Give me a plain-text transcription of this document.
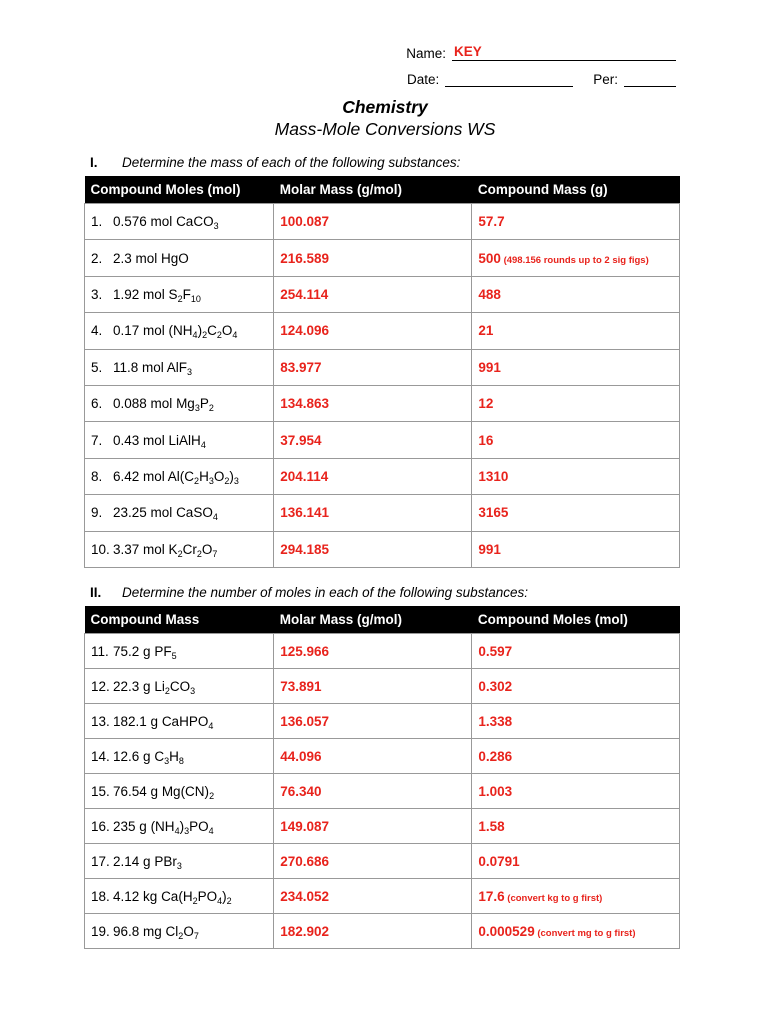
Name: KEY
Date:	Per:
Chemistry
Mass-Mole Conversions WS
I. Determine the mass of each of the following substances:
Compound Moles (mol)	Molar Mass (g/mol)	Compound Mass (g)
1. 0.576 mol CaCO$_3$	100.087	57.7
2. 2.3 mol HgO	216.589	500 (498.156 rounds up to 2 sig figs)
3. 1.92 mol $S_2F_{10}$	254.114	488
4. 0.17 mol $(NH_4)_2C_2O_4$	124.096	21
5. 11.8 mol AlF$_3$	83.977	991
6. 0.088 mol $Mg_3P_2$	134.863	12
7. 0.43 mol LiAlH$_4$	37.954	16
8. 6.42 mol $Al(C_2H_3O_2)_3$	204.114	1310
9. 23.25 mol CaSO$_4$	136.141	3165
10. 3.37 mol $K_2Cr_2O_7$	294.185	991
II. Determine the number of moles in each of the following substances:
Compound Mass	Molar Mass (g/mol)	Compound Moles (mol)
11. 75.2 g $PF_5$	125.966	0.597
12. 22.3 g $Li_2CO_3$	73.891	0.302
13. 182.1 g CaHPO$_4$	136.057	1.338
14. 12.6 g $C_3H_8$	44.096	0.286
15. 76.54 g $Mg(CN)_2$	76.340	1.003
16. 235 g $(NH_4)_3PO_4$	149.087	1.58
17. 2.14 g PBr$_3$	270.686	0.0791
18. 4.12 kg $Ca(H_2PO_4)_2$	234.052	17.6 (convert kg to g first)
19. 96.8 mg $Cl_2O_7$	182.902	0.000529 (convert mg to g first)
